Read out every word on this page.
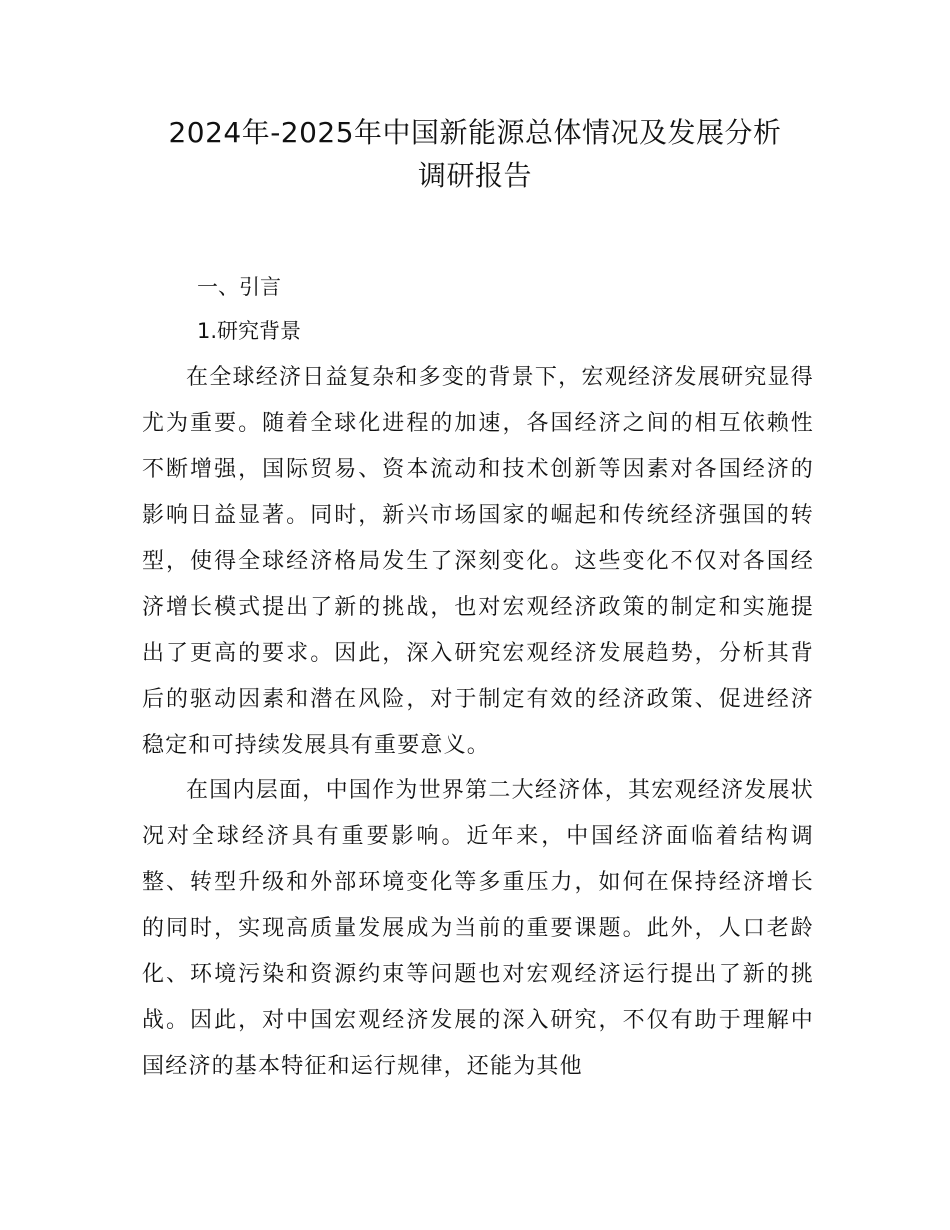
2024年-2025年中国新能源总体情况及发展分析
调研报告
一、引言
1.研究背景

在全球经济日益复杂和多变的背景下，宏观经济发展研究显得尤为重要。随着全球化进程的加速，各国经济之间的相互依赖性不断增强，国际贸易、资本流动和技术创新等因素对各国经济的影响日益显著。同时，新兴市场国家的崛起和传统经济强国的转型，使得全球经济格局发生了深刻变化。这些变化不仅对各国经济增长模式提出了新的挑战，也对宏观经济政策的制定和实施提出了更高的要求。因此，深入研究宏观经济发展趋势，分析其背后的驱动因素和潜在风险，对于制定有效的经济政策、促进经济稳定和可持续发展具有重要意义。

在国内层面，中国作为世界第二大经济体，其宏观经济发展状况对全球经济具有重要影响。近年来，中国经济面临着结构调整、转型升级和外部环境变化等多重压力，如何在保持经济增长的同时，实现高质量发展成为当前的重要课题。此外，人口老龄化、环境污染和资源约束等问题也对宏观经济运行提出了新的挑战。因此，对中国宏观经济发展的深入研究，不仅有助于理解中国经济的基本特征和运行规律，还能为其他
